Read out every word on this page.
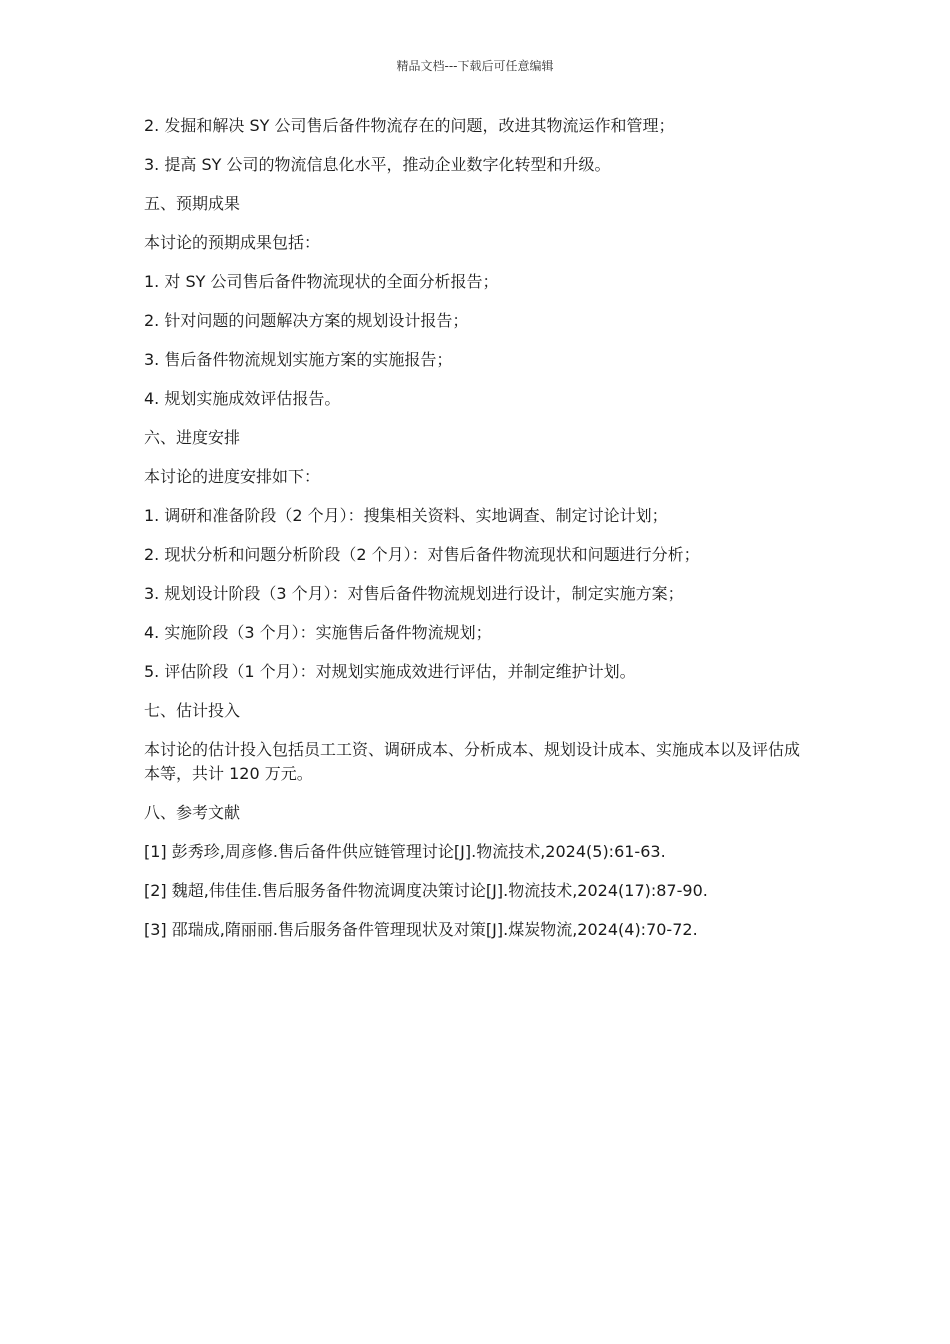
精品文档---下载后可任意编辑

2. 发掘和解决 SY 公司售后备件物流存在的问题，改进其物流运作和管理；

3. 提高 SY 公司的物流信息化水平，推动企业数字化转型和升级。

五、预期成果

本讨论的预期成果包括：

1. 对 SY 公司售后备件物流现状的全面分析报告；

2. 针对问题的问题解决方案的规划设计报告；

3. 售后备件物流规划实施方案的实施报告；

4. 规划实施成效评估报告。

六、进度安排

本讨论的进度安排如下：

1. 调研和准备阶段（2 个月）：搜集相关资料、实地调查、制定讨论计划；

2. 现状分析和问题分析阶段（2 个月）：对售后备件物流现状和问题进行分析；

3. 规划设计阶段（3 个月）：对售后备件物流规划进行设计，制定实施方案；

4. 实施阶段（3 个月）：实施售后备件物流规划；

5. 评估阶段（1 个月）：对规划实施成效进行评估，并制定维护计划。

七、估计投入

本讨论的估计投入包括员工工资、调研成本、分析成本、规划设计成本、实施成本以及评估成本等，共计 120 万元。

八、参考文献

[1] 彭秀珍,周彦修.售后备件供应链管理讨论[J].物流技术,2024(5):61-63.

[2] 魏超,伟佳佳.售后服务备件物流调度决策讨论[J].物流技术,2024(17):87-90.

[3] 邵瑞成,隋丽丽.售后服务备件管理现状及对策[J].煤炭物流,2024(4):70-72.
